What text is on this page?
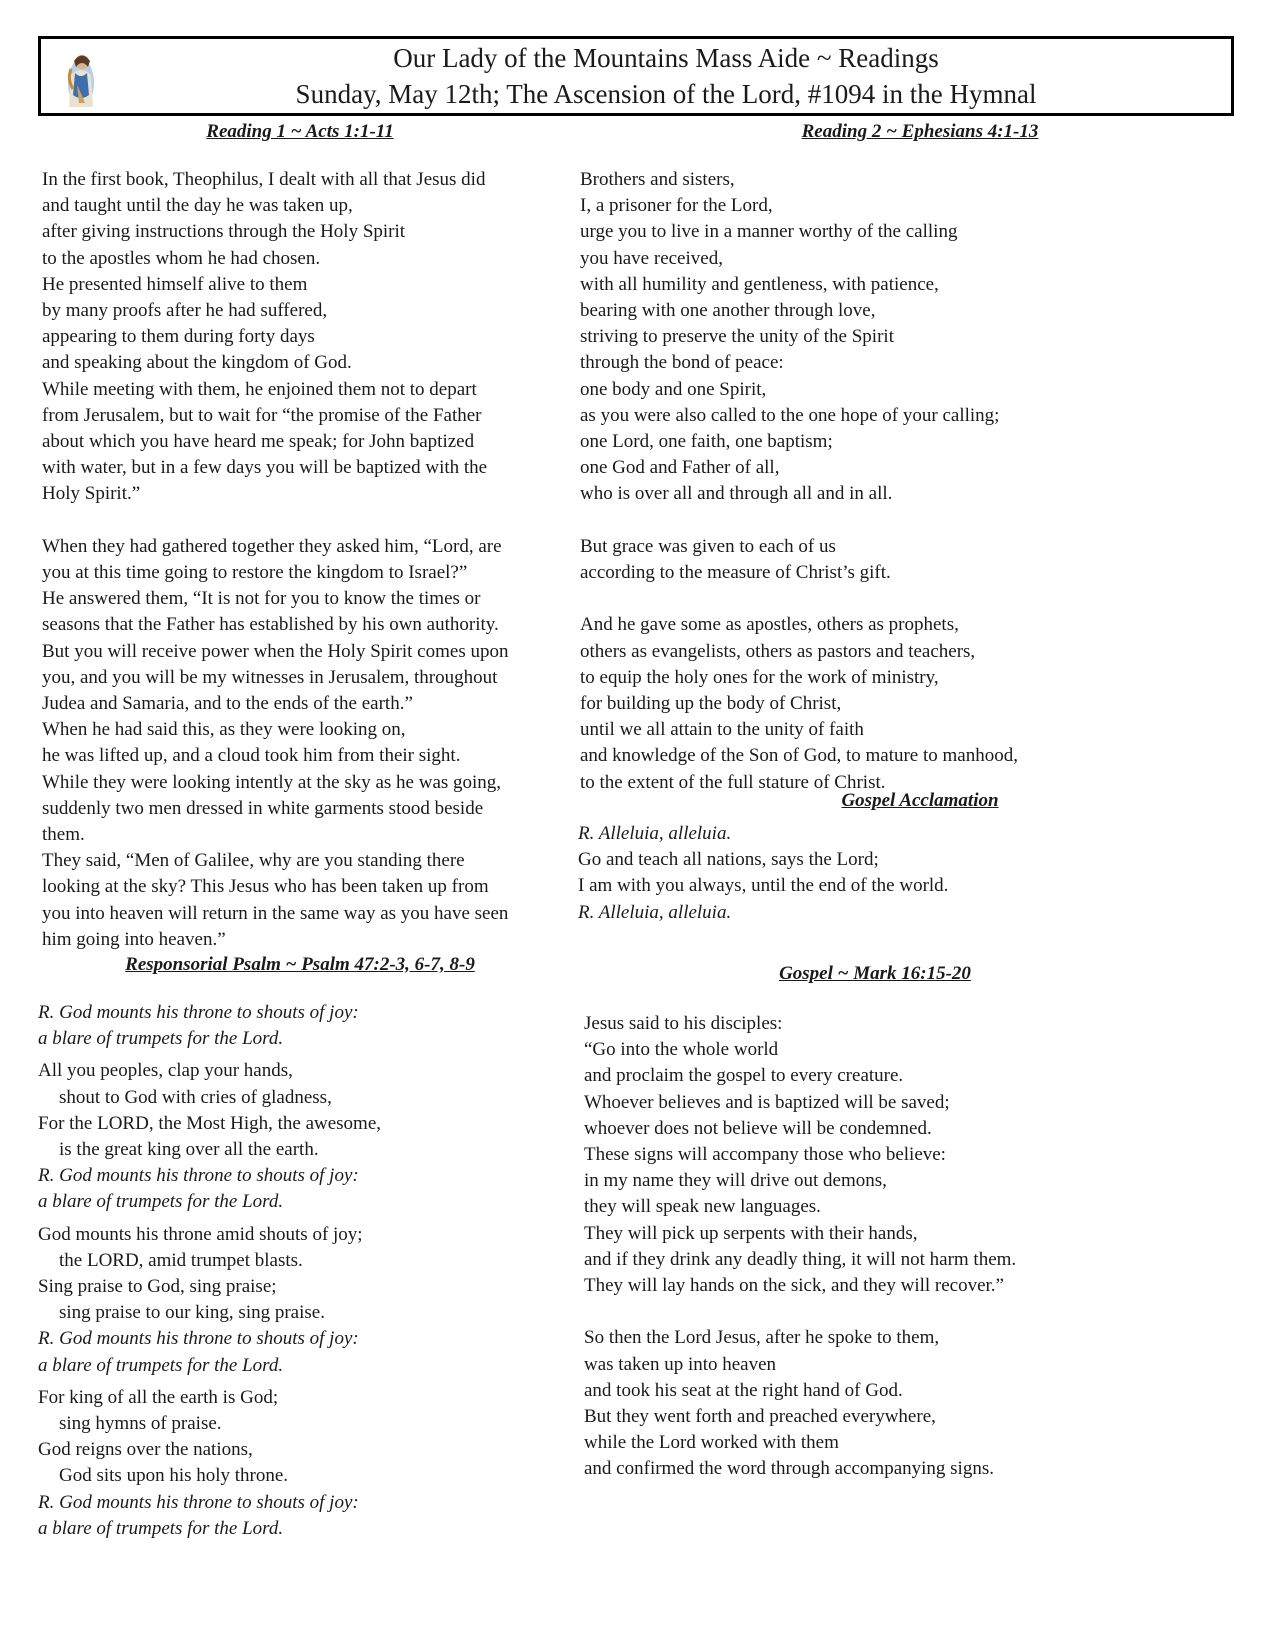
Our Lady of the Mountains Mass Aide ~ Readings
Sunday, May 12th; The Ascension of the Lord, #1094 in the Hymnal
Reading 1 ~ Acts 1:1-11

In the first book, Theophilus, I dealt with all that Jesus did

and taught until the day he was taken up,

after giving instructions through the Holy Spirit

to the apostles whom he had chosen.

He presented himself alive to them

by many proofs after he had suffered,

appearing to them during forty days

and speaking about the kingdom of God.

While meeting with them, he enjoined them not to depart

from Jerusalem, but to wait for “the promise of the Father

about which you have heard me speak; for John baptized

with water, but in a few days you will be baptized with the

Holy Spirit.”

When they had gathered together they asked him, “Lord, are

you at this time going to restore the kingdom to Israel?”

He answered them, “It is not for you to know the times or

seasons that the Father has established by his own authority.

But you will receive power when the Holy Spirit comes upon

you, and you will be my witnesses in Jerusalem, throughout

Judea and Samaria, and to the ends of the earth.”

When he had said this, as they were looking on,

he was lifted up, and a cloud took him from their sight.

While they were looking intently at the sky as he was going,

suddenly two men dressed in white garments stood beside

them.

They said, “Men of Galilee, why are you standing there

looking at the sky? This Jesus who has been taken up from

you into heaven will return in the same way as you have seen

him going into heaven.”

Responsorial Psalm ~ Psalm 47:2-3, 6-7, 8-9

R. God mounts his throne to shouts of joy:

a blare of trumpets for the Lord.

All you peoples, clap your hands,

shout to God with cries of gladness,

For the LORD, the Most High, the awesome,

is the great king over all the earth.

R. God mounts his throne to shouts of joy:

a blare of trumpets for the Lord.

God mounts his throne amid shouts of joy;

the LORD, amid trumpet blasts.

Sing praise to God, sing praise;

sing praise to our king, sing praise.

R. God mounts his throne to shouts of joy:

a blare of trumpets for the Lord.

For king of all the earth is God;

sing hymns of praise.

God reigns over the nations,

God sits upon his holy throne.

R. God mounts his throne to shouts of joy:

a blare of trumpets for the Lord.

Reading 2 ~ Ephesians 4:1-13

Brothers and sisters,

I, a prisoner for the Lord,

urge you to live in a manner worthy of the calling

you have received,

with all humility and gentleness, with patience,

bearing with one another through love,

striving to preserve the unity of the Spirit

through the bond of peace:

one body and one Spirit,

as you were also called to the one hope of your calling;

one Lord, one faith, one baptism;

one God and Father of all,

who is over all and through all and in all.

But grace was given to each of us

according to the measure of Christ’s gift.

And he gave some as apostles, others as prophets,

others as evangelists, others as pastors and teachers,

to equip the holy ones for the work of ministry,

for building up the body of Christ,

until we all attain to the unity of faith

and knowledge of the Son of God, to mature to manhood,

to the extent of the full stature of Christ.

Gospel Acclamation

R. Alleluia, alleluia.

Go and teach all nations, says the Lord;

I am with you always, until the end of the world.

R. Alleluia, alleluia.

Gospel ~ Mark 16:15-20

Jesus said to his disciples:

“Go into the whole world

and proclaim the gospel to every creature.

Whoever believes and is baptized will be saved;

whoever does not believe will be condemned.

These signs will accompany those who believe:

in my name they will drive out demons,

they will speak new languages.

They will pick up serpents with their hands,

and if they drink any deadly thing, it will not harm them.

They will lay hands on the sick, and they will recover.”

So then the Lord Jesus, after he spoke to them,

was taken up into heaven

and took his seat at the right hand of God.

But they went forth and preached everywhere,

while the Lord worked with them

and confirmed the word through accompanying signs.
